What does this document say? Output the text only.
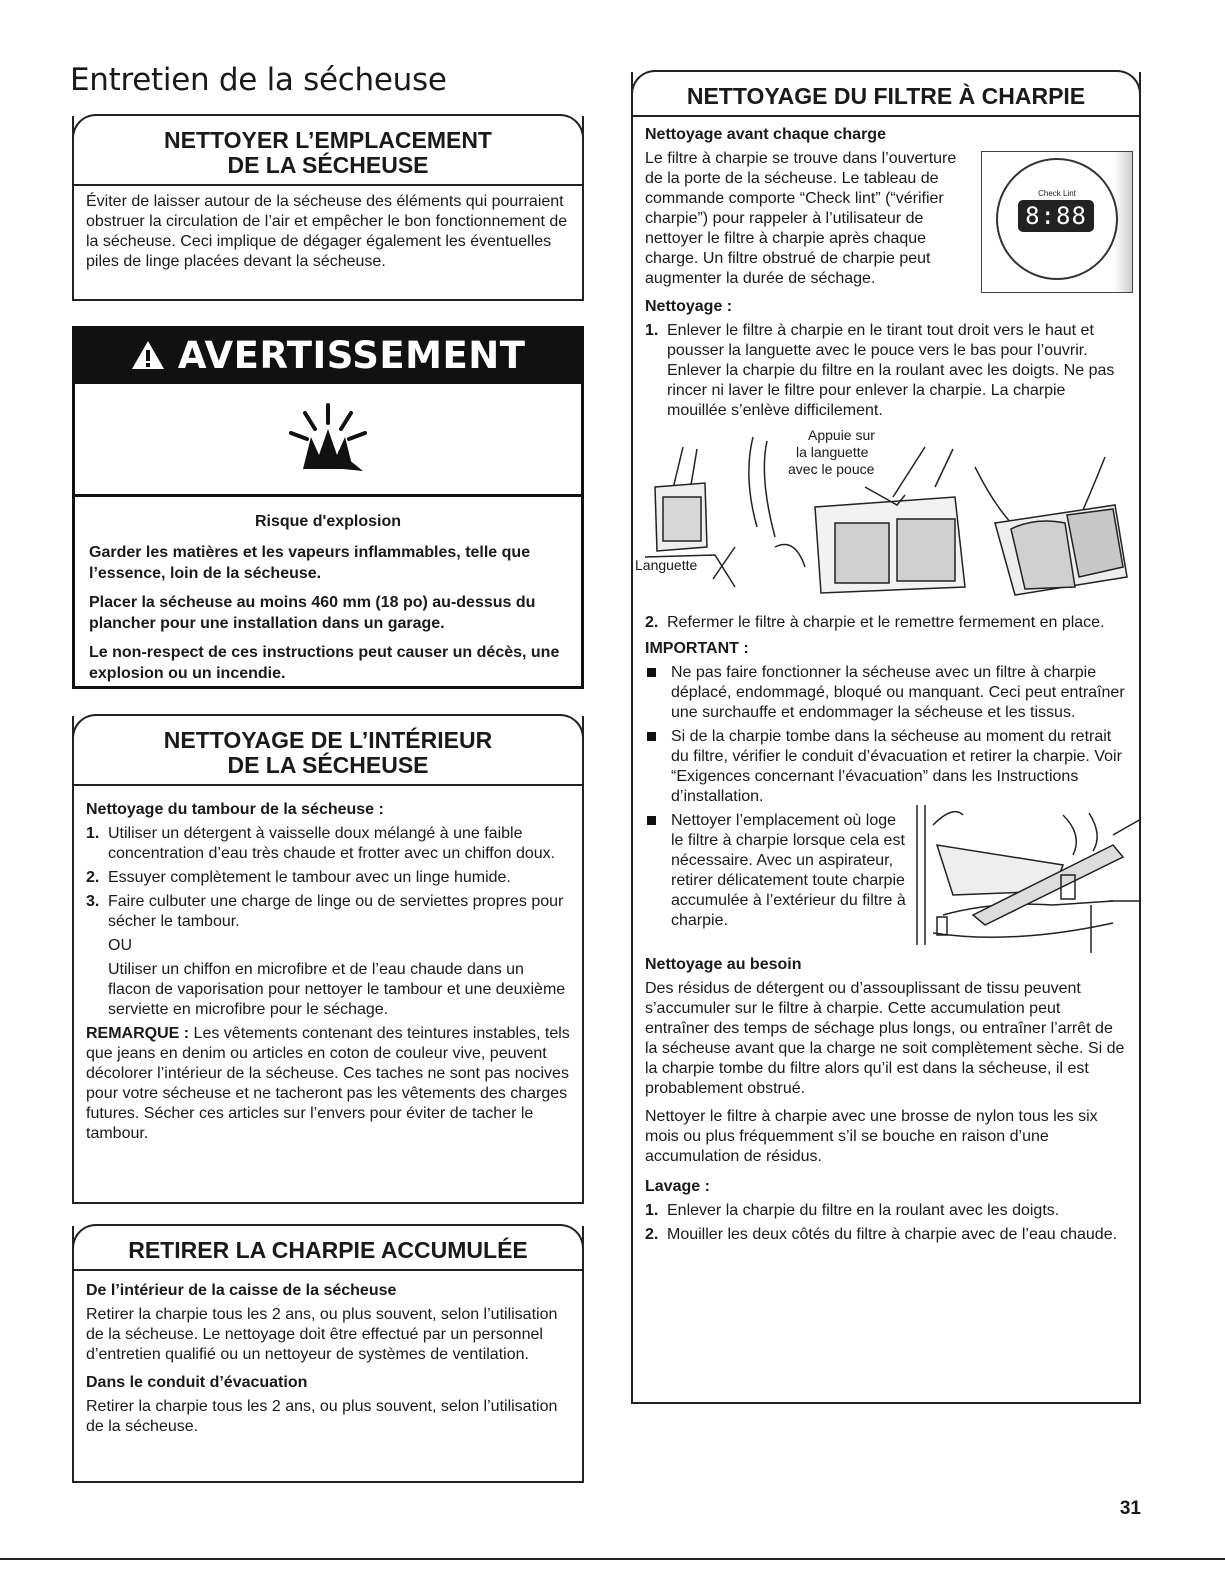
Entretien de la sécheuse
NETTOYER L’EMPLACEMENT
DE LA SÉCHEUSE

Éviter de laisser autour de la sécheuse des éléments qui pourraient obstruer la circulation de l’air et empêcher le bon fonctionnement de la sécheuse. Ceci implique de dégager également les éventuelles piles de linge placées devant la sécheuse.

AVERTISSEMENT
Risque d'explosion

Garder les matières et les vapeurs inflammables, telle que l’essence, loin de la sécheuse.

Placer la sécheuse au moins 460 mm (18 po) au-dessus du plancher pour une installation dans un garage.

Le non-respect de ces instructions peut causer un décès, une explosion ou un incendie.

NETTOYAGE DE L’INTÉRIEUR
DE LA SÉCHEUSE
Nettoyage du tambour de la sécheuse :
1. Utiliser un détergent à vaisselle doux mélangé à une faible concentration d’eau très chaude et frotter avec un chiffon doux.
2. Essuyer complètement le tambour avec un linge humide.
3. Faire culbuter une charge de linge ou de serviettes propres pour sécher le tambour.
OU
Utiliser un chiffon en microfibre et de l’eau chaude dans un flacon de vaporisation pour nettoyer le tambour et une deuxième serviette en microfibre pour le séchage.

REMARQUE : Les vêtements contenant des teintures instables, tels que jeans en denim ou articles en coton de couleur vive, peuvent décolorer l’intérieur de la sécheuse. Ces taches ne sont pas nocives pour votre sécheuse et ne tacheront pas les vêtements des charges futures. Sécher ces articles sur l’envers pour éviter de tacher le tambour.

RETIRER LA CHARPIE ACCUMULÉE
De l’intérieur de la caisse de la sécheuse

Retirer la charpie tous les 2 ans, ou plus souvent, selon l’utilisation de la sécheuse. Le nettoyage doit être effectué par un personnel d’entretien qualifié ou un nettoyeur de systèmes de ventilation.

Dans le conduit d’évacuation

Retirer la charpie tous les 2 ans, ou plus souvent, selon l’utilisation de la sécheuse.

NETTOYAGE DU FILTRE À CHARPIE
Nettoyage avant chaque charge

Le filtre à charpie se trouve dans l’ouverture de la porte de la sécheuse. Le tableau de commande comporte “Check lint” (“vérifier charpie”) pour rappeler à l’utilisateur de nettoyer le filtre à charpie après chaque charge. Un filtre obstrué de charpie peut augmenter la durée de séchage.

Check Lint
8:88
Nettoyage :
1. Enlever le filtre à charpie en le tirant tout droit vers le haut et pousser la languette avec le pouce vers le bas pour l’ouvrir. Enlever la charpie du filtre en la roulant avec les doigts. Ne pas rincer ni laver le filtre pour enlever la charpie. La charpie mouillée s’enlève difficilement.
Appuie sur
la languette
avec le pouce
Languette
2. Refermer le filtre à charpie et le remettre fermement en place.
IMPORTANT :
Ne pas faire fonctionner la sécheuse avec un filtre à charpie déplacé, endommagé, bloqué ou manquant. Ceci peut entraîner une surchauffe et endommager la sécheuse et les tissus.
Si de la charpie tombe dans la sécheuse au moment du retrait du filtre, vérifier le conduit d’évacuation et retirer la charpie. Voir “Exigences concernant l’évacuation” dans les Instructions d’installation.
Nettoyer l’emplacement où loge le filtre à charpie lorsque cela est nécessaire. Avec un aspirateur, retirer délicatement toute charpie accumulée à l’extérieur du filtre à charpie.
Nettoyage au besoin

Des résidus de détergent ou d’assouplissant de tissu peuvent s’accumuler sur le filtre à charpie. Cette accumulation peut entraîner des temps de séchage plus longs, ou entraîner l’arrêt de la sécheuse avant que la charge ne soit complètement sèche. Si de la charpie tombe du filtre alors qu’il est dans la sécheuse, il est probablement obstrué.

Nettoyer le filtre à charpie avec une brosse de nylon tous les six mois ou plus fréquemment s’il se bouche en raison d’une accumulation de résidus.

Lavage :
1. Enlever la charpie du filtre en la roulant avec les doigts.
2. Mouiller les deux côtés du filtre à charpie avec de l’eau chaude.
31
